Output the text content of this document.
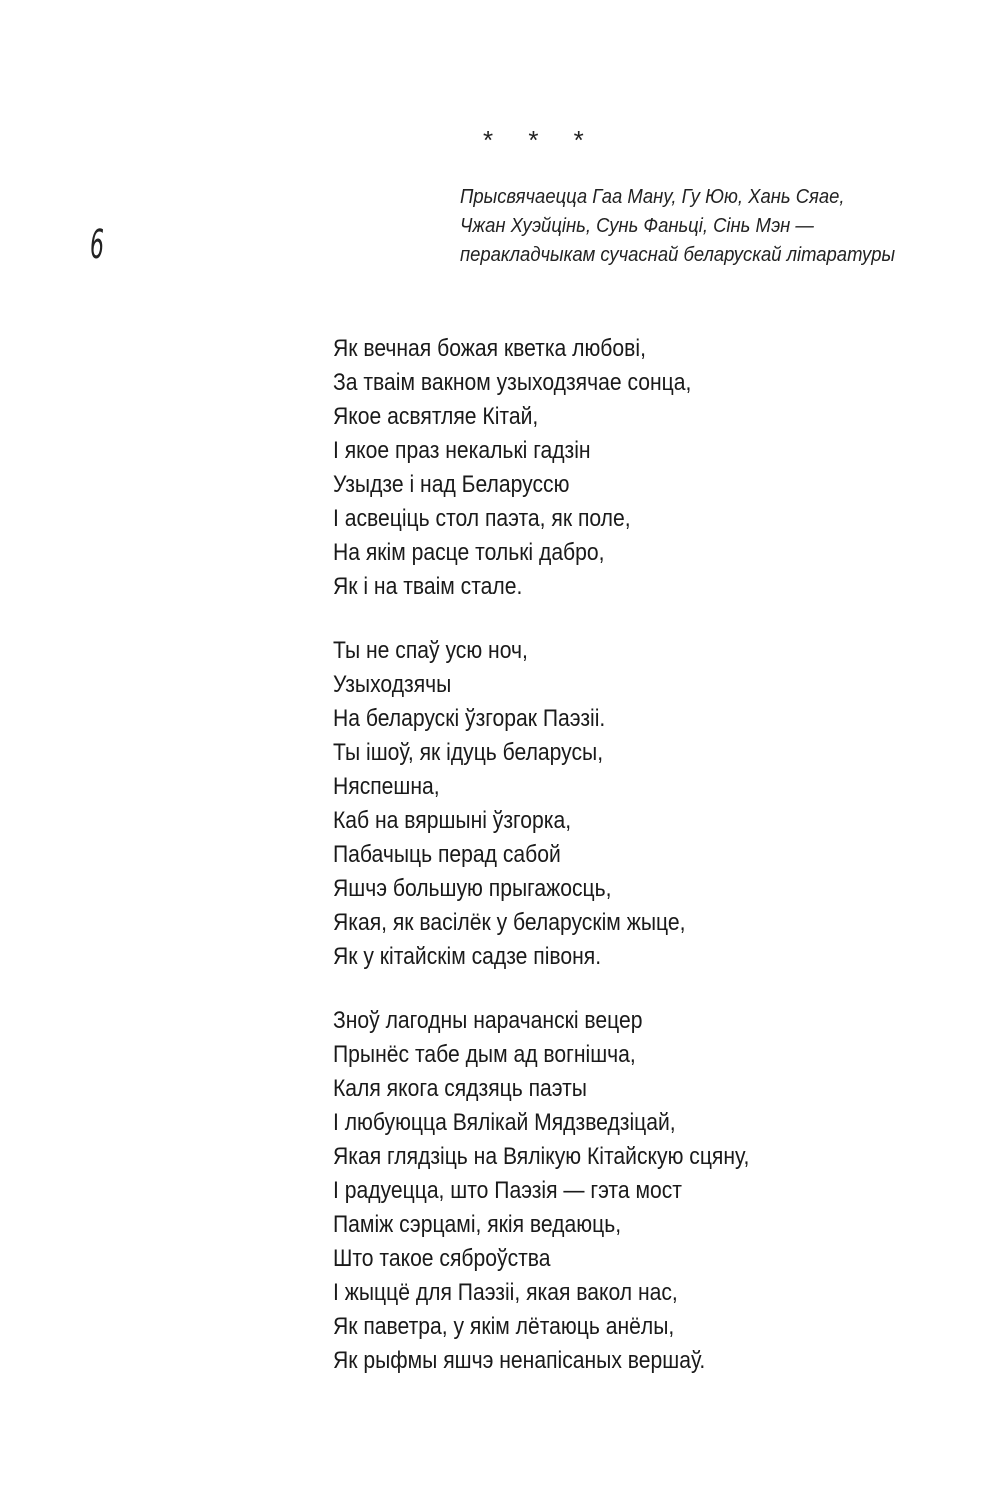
6
* * *
Прысвячаецца Гаа Ману, Гу Юю, Хань Сяае,
Чжан Хуэйцінь, Сунь Фаньці, Сінь Мэн —
перакладчыкам сучаснай беларускай літаратуры
Як вечная божая кветка любові,
За тваім вакном узыходзячае сонца,
Якое асвятляе Кітай,
І якое праз некалькі гадзін
Узыдзе і над Беларуссю
І асвеціць стол паэта, як поле,
На якім расце толькі дабро,
Як і на тваім стале.
Ты не спаў усю ноч,
Узыходзячы
На беларускі ўзгорак Паэзіі.
Ты ішоў, як ідуць беларусы,
Няспешна,
Каб на вяршыні ўзгорка,
Пабачыць перад сабой
Яшчэ большую прыгажосць,
Якая, як васілёк у беларускім жыце,
Як у кітайскім садзе півоня.
Зноў лагодны нарачанскі вецер
Прынёс табе дым ад вогнішча,
Каля якога сядзяць паэты
І любуюцца Вялікай Мядзведзіцай,
Якая глядзіць на Вялікую Кітайскую сцяну,
І радуецца, што Паэзія — гэта мост
Паміж сэрцамі, якія ведаюць,
Што такое сяброўства
І жыццё для Паэзіі, якая вакол нас,
Як паветра, у якім лётаюць анёлы,
Як рыфмы яшчэ ненапісаных вершаў.
